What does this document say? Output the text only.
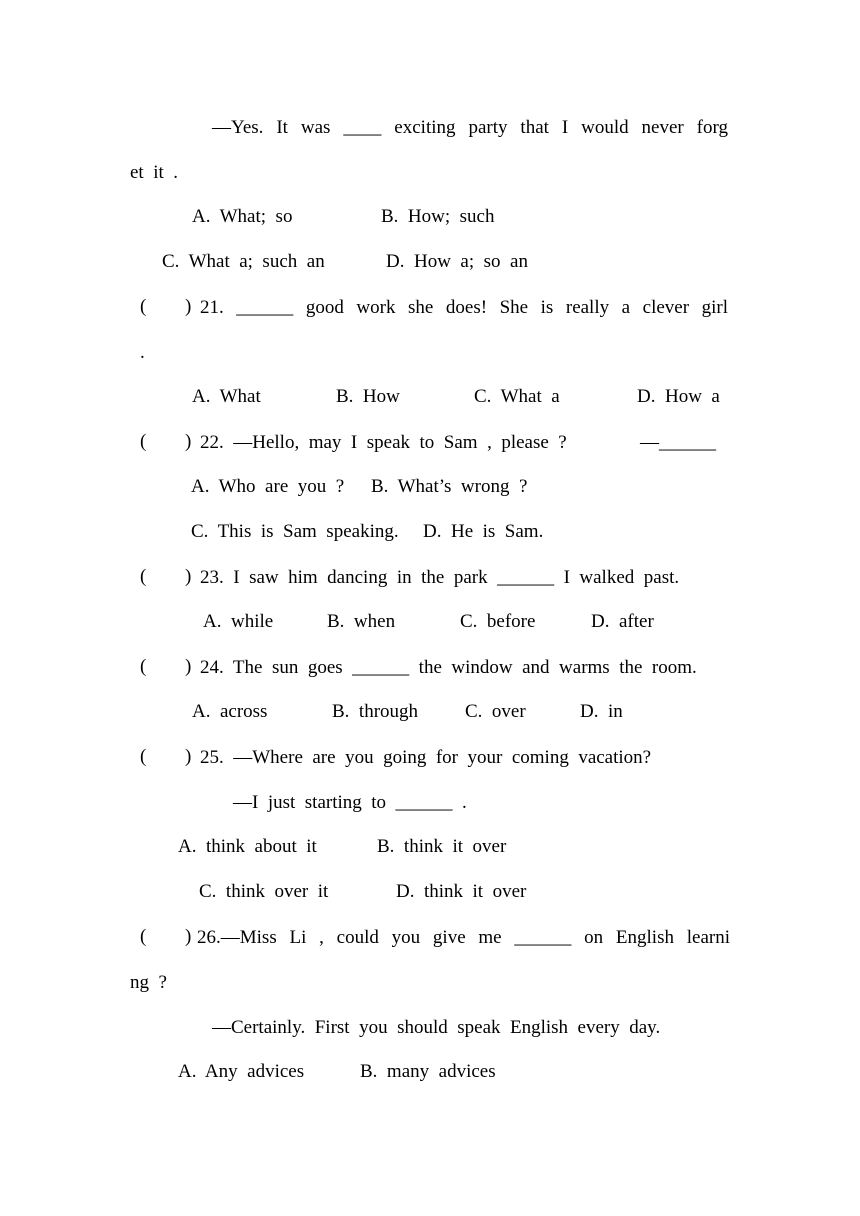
—Yes. It was ____ exciting party that I would never forg
et it .
A. What; so	B. How; such
C. What a; such an	D. How a; so an
( ) 21. ______ good work she does! She is really a clever girl
.
A. What	B. How	C. What a	D. How a
( ) 22. —Hello, may I speak to Sam , please ?	—______
A. Who are you ? B. What’s wrong ?
C. This is Sam speaking. D. He is Sam.
( ) 23. I saw him dancing in the park ______ I walked past.
A. while	B. when	C. before	D. after
( ) 24. The sun goes ______ the window and warms the room.
A. across	B. through C. over	D. in
( ) 25. —Where are you going for your coming vacation?
—I just starting to ______ .
A. think about it	B. think it over
C. think over it	D. think it over
( ) 26.—Miss Li , could you give me ______ on English learni
ng ?
—Certainly. First you should speak English every day.
A. Any advices	B. many advices
